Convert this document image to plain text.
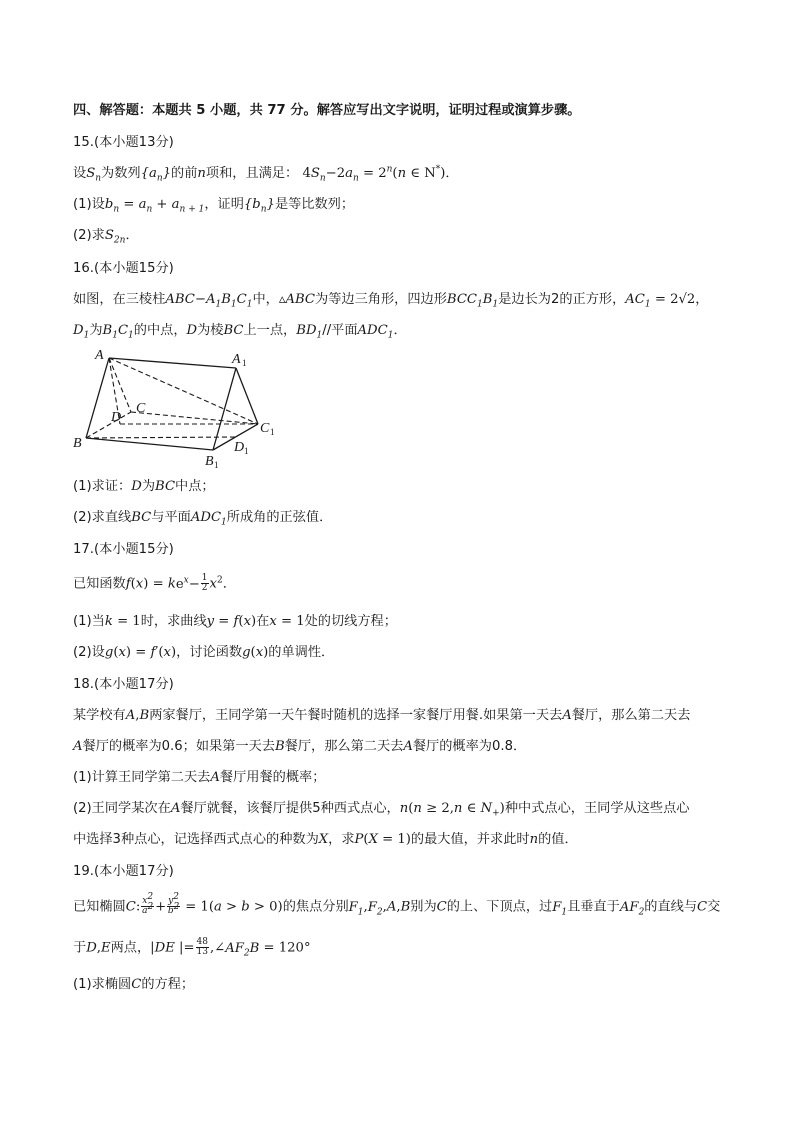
四、解答题：本题共 5 小题，共 77 分。解答应写出文字说明，证明过程或演算步骤。
15.(本小题13分)
设$S_n$为数列$\{a_n\}$的前n项和，且满足： $4S_n-2a_n = 2^n(n$ ∈ N*)．
(1)设$b_n = a_n + a_{n + 1}$，证明$\{b_n\}$是等比数列；
(2)求$S_{2n}$．
16.(本小题15分)
如图，在三棱柱$ABC-A_1B_1C_1$中，▵ABC为等边三角形，四边形$BCC_1B_1$是边长为2的正方形，$AC_1 = 2√2$，
$D_1$为$B_1C_1$的中点，D为棱BC上一点，$BD_1//$平面$ADC_1$．
A	A 1
B
B 1
C
C 1
D
D 1
(1)求证：D为BC中点；
(2)求直线BC与平面$ADC_1$所成角的正弦值．
17.(本小题15分)
已知函数$f(x) = ke^x- \frac{1}{2} x^2$．
(1)当k = 1时，求曲线y = f(x)在x = 1处的切线方程；
(2)设g(x) = f′(x)，讨论函数g(x)的单调性．
18.(本小题17分)
某学校有A,B两家餐厅，王同学第一天午餐时随机的选择一家餐厅用餐.如果第一天去A餐厅，那么第二天去
A餐厅的概率为0.6；如果第一天去B餐厅，那么第二天去A餐厅的概率为0.8．
(1)计算王同学第二天去A餐厅用餐的概率；
(2)王同学某次在A餐厅就餐，该餐厅提供5种西式点心，n(n ≥ 2,n ∈ $N_+$)种中式点心，王同学从这些点心
中选择3种点心，记选择西式点心的种数为X，求P(X = 1)的最大值，并求此时n的值．
19.(本小题17分)
已知椭圆C: $\frac{x^2}{a^2} + \frac{y^2}{b^2} = 1(a > b > 0)$的焦点分别$F_1,F_2,A,B$别为C的上、下顶点，过$F_1$且垂直于$AF_2$的直线与C交
于D,E两点，|DE |= $\frac{48}{13}$ $,\angle AF_2B = 120^\circ$
(1)求椭圆C的方程；
